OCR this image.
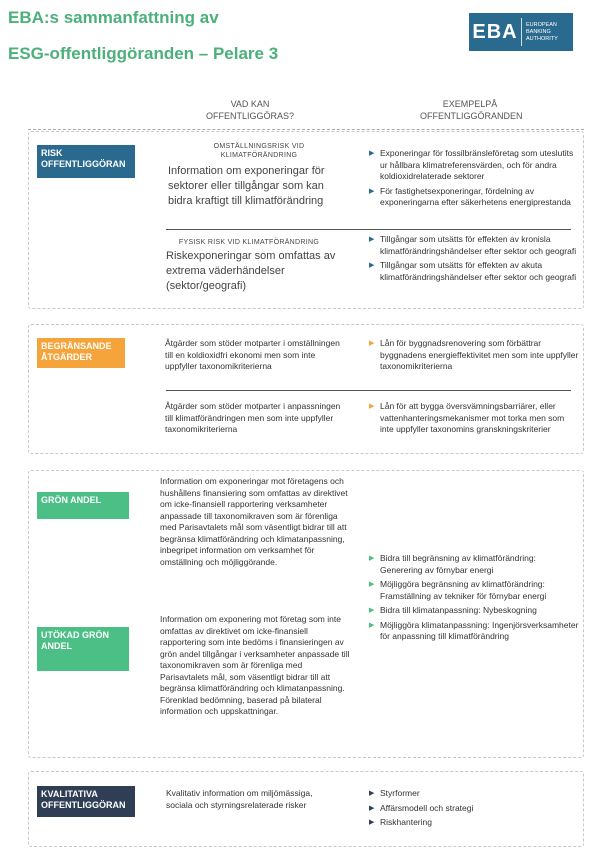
EBA:s sammanfattning av
ESG-offentliggöranden – Pelare 3
EBA	EUROPEAN
BANKING
AUTHORITY
VAD KAN OFFENTLIGGÖRAS?
EXEMPELPÅ OFFENTLIGGÖRANDEN
RISK OFFENTLIGGÖRAN
OMSTÄLLNINGSRISK VID KLIMATFÖRÄNDRING
Information om exponeringar för sektorer eller tillgångar som kan bidra kraftigt till klimatförändring
▶ Exponeringar för fossilbränsleföretag som uteslutits ur hållbara klimatreferensvärden, och för andra koldioxidrelaterade sektorer
▶ För fastighetsexponeringar, fördelning av exponeringarna efter säkerhetens energiprestanda
FYSISK RISK VID KLIMATFÖRÄNDRING
Riskexponeringar som omfattas av extrema väderhändelser (sektor/geografi)
▶ Tillgångar som utsätts för effekten av kronisla klimatförändringshändelser efter sektor och geografi
▶ Tillgångar som utsätts för effekten av akuta klimatförändringshändelser efter sektor och geografi
BEGRÄNSANDE ÅTGÄRDER
Åtgärder som stöder motparter i omställningen till en koldioxidfri ekonomi men som inte uppfyller taxonomikriterierna
▶ Lån för byggnadsrenovering som förbättrar byggnadens energieffektivitet men som inte uppfyller taxonomikriterierna
Åtgärder som stöder motparter i anpassningen till klimatförändringen men som inte uppfyller taxonomikriterierna
▶ Lån för att bygga översvämningsbarriärer, eller vattenhanteringsmekanismer mot torka men som inte uppfyller taxonomins granskningskriterier
GRÖN ANDEL
Information om exponeringar mot företagens och hushållens finansiering som omfattas av direktivet om icke-finansiell rapportering verksamheter anpassade till taxonomikraven som är förenliga med Parisavtalets mål som väsentligt bidrar till att begränsa klimatförändring och klimatanpassning, inbegripet information om verksamhet för omställning och möjliggörande.
UTÖKAD GRÖN ANDEL
Information om exponering mot företag som inte omfattas av direktivet om icke-finansiell rapportering som inte bedöms i finansieringen av grön andel tillgångar i verksamheter anpassade till taxonomikraven som är förenliga med Parisavtalets mål, som väsentligt bidrar till att begränsa klimatförändring och klimatanpassning. Förenklad bedömning, baserad på bilateral information och uppskattningar.
▶ Bidra till begränsning av klimatförändring: Generering av förnybar energi
▶ Möjliggöra begränsning av klimatförändring: Framställning av tekniker för förnybar energi
▶ Bidra till klimatanpassning: Nybeskogning
▶ Möjliggöra klimatanpassning: Ingenjörsverksamheter för anpassning till klimatförändring
KVALITATIVA OFFENTLIGGÖRAN
Kvalitativ information om miljömässiga, sociala och styrningsrelaterade risker
▶ Styrformer
▶ Affärsmodell och strategi
▶ Riskhantering
